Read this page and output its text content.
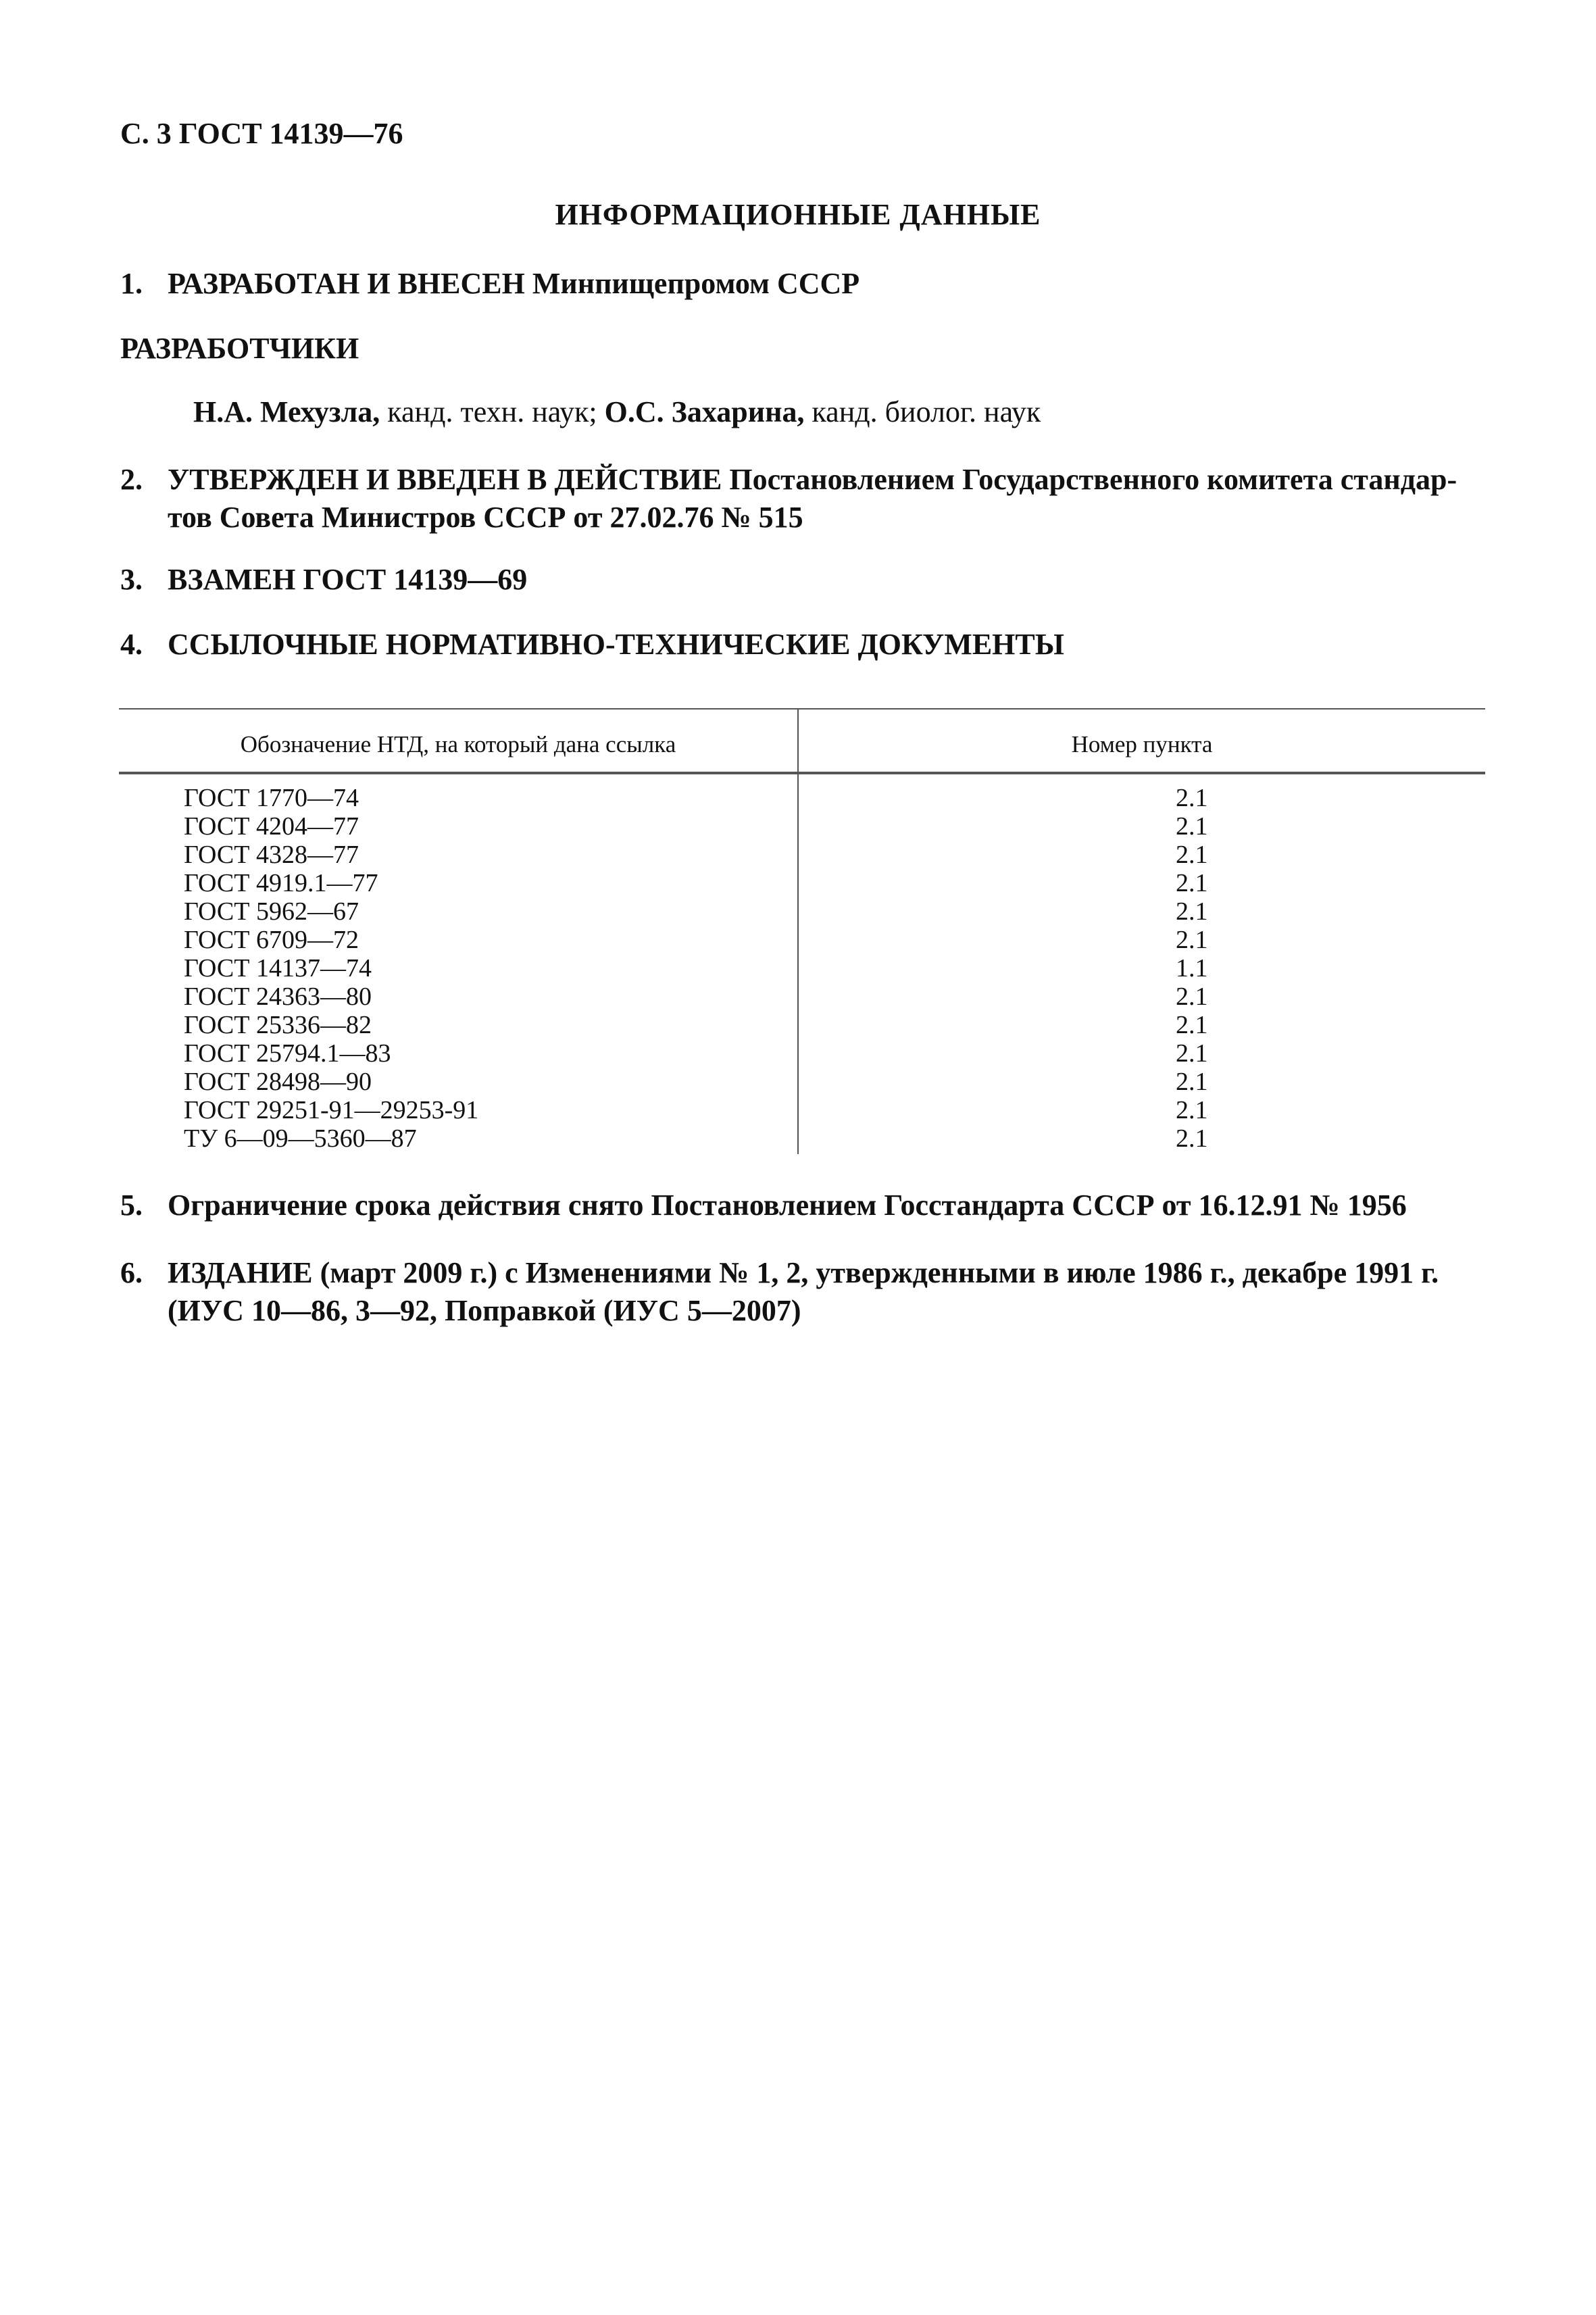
С. 3 ГОСТ 14139—76
ИНФОРМАЦИОННЫЕ ДАННЫЕ
1. РАЗРАБОТАН И ВНЕСЕН Минпищепромом СССР
РАЗРАБОТЧИКИ
Н.А. Мехузла, канд. техн. наук; О.С. Захарина, канд. биолог. наук
2. УТВЕРЖДЕН И ВВЕДЕН В ДЕЙСТВИЕ Постановлением Государственного комитета стандар-
тов Совета Министров СССР от 27.02.76 № 515
3. ВЗАМЕН ГОСТ 14139—69
4. ССЫЛОЧНЫЕ НОРМАТИВНО-ТЕХНИЧЕСКИЕ ДОКУМЕНТЫ
Обозначение НТД, на который дана ссылка	Номер пункта
ГОСТ 1770—74	2.1
ГОСТ 4204—77	2.1
ГОСТ 4328—77	2.1
ГОСТ 4919.1—77	2.1
ГОСТ 5962—67	2.1
ГОСТ 6709—72	2.1
ГОСТ 14137—74	1.1
ГОСТ 24363—80	2.1
ГОСТ 25336—82	2.1
ГОСТ 25794.1—83	2.1
ГОСТ 28498—90	2.1
ГОСТ 29251-91—29253-91	2.1
ТУ 6—09—5360—87	2.1
5. Ограничение срока действия снято Постановлением Госстандарта СССР от 16.12.91 № 1956
6. ИЗДАНИЕ (март 2009 г.) с Изменениями № 1, 2, утвержденными в июле 1986 г., декабре 1991 г.
(ИУС 10—86, 3—92, Поправкой (ИУС 5—2007)
